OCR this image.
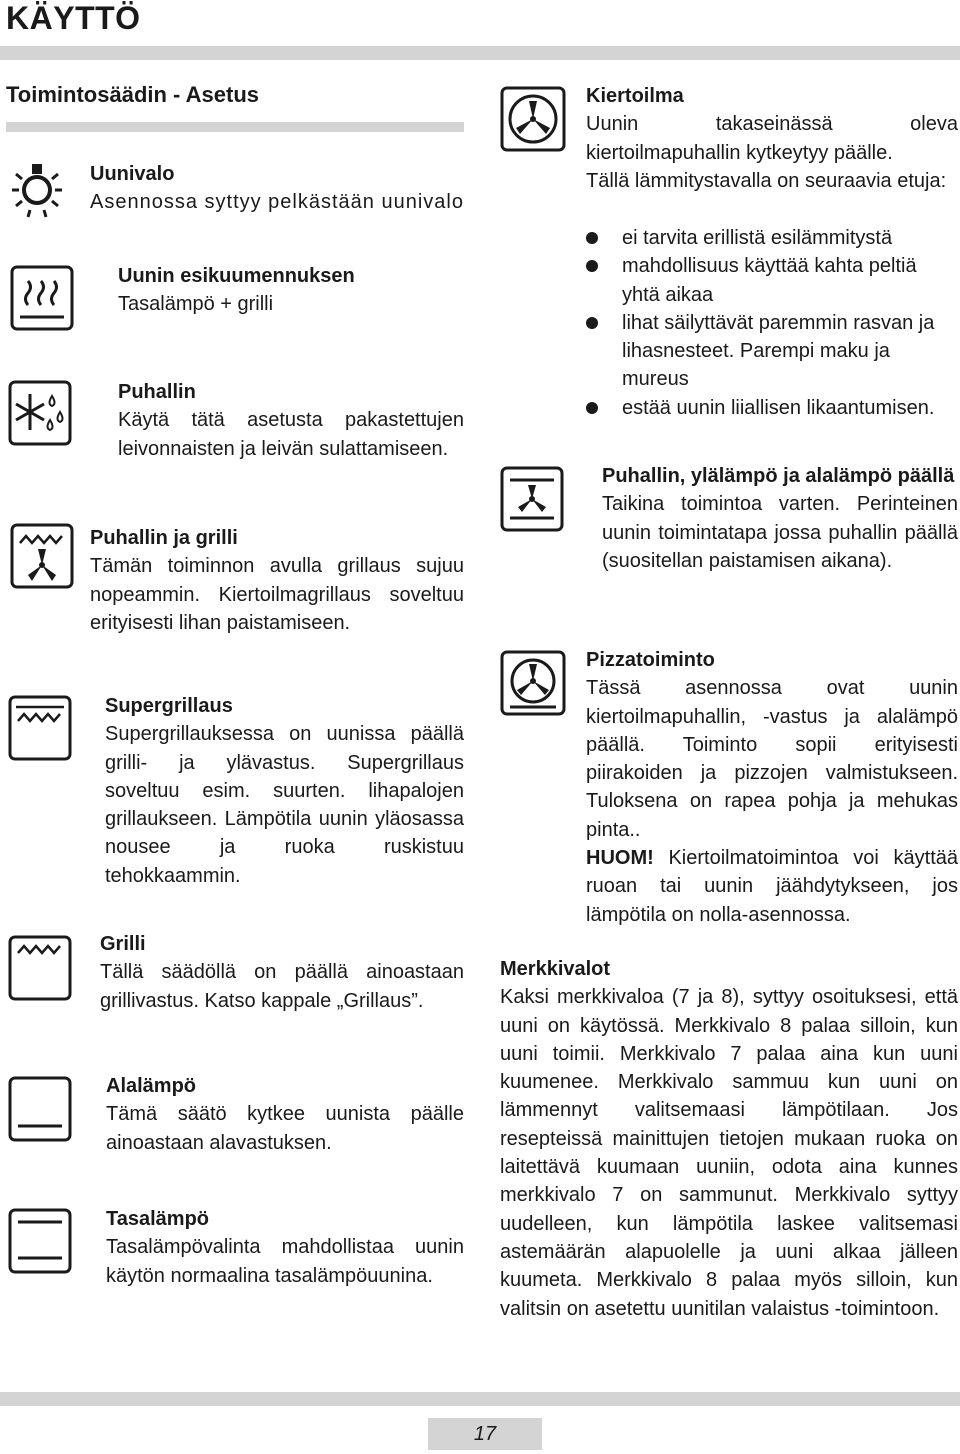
KÄYTTÖ
Toimintosäädin - Asetus
Uunivalo
Asennossa syttyy pelkästään uunivalo
Uunin esikuumennuksen
Tasalämpö + grilli
Puhallin
Käytä tätä asetusta pakastettujen leivonnaisten ja leivän sulattamiseen.
Puhallin ja grilli
Tämän toiminnon avulla grillaus sujuu nopeammin. Kiertoilmagrillaus soveltuu erityisesti lihan paistamiseen.
Supergrillaus
Supergrillauksessa on uunissa päällä grilli- ja ylävastus. Supergrillaus soveltuu esim. suurten. lihapalojen grillaukseen. Lämpötila uunin yläosassa nousee ja ruoka ruskistuu tehokkaammin.
Grilli
Tällä säädöllä on päällä ainoastaan grillivastus. Katso kappale „Grillaus”.
Alalämpö
Tämä säätö kytkee uunista päälle ainoastaan alavastuksen.
Tasalämpö
Tasalämpövalinta mahdollistaa uunin käytön normaalina tasalämpöuunina.
Kiertoilma
Uunin takaseinässä oleva kiertoilmapuhallin kytkeytyy päälle.
Tällä lämmitystavalla on seuraavia etuja:
ei tarvita erillistä esilämmitystä
mahdollisuus käyttää kahta peltiä yhtä aikaa
lihat säilyttävät paremmin rasvan ja lihasnesteet. Parempi maku ja mureus
estää uunin liiallisen likaantumisen.
Puhallin, ylälämpö ja alalämpö päällä
Taikina toimintoa varten. Perinteinen uunin toimintatapa jossa puhallin päällä (suositellan paistamisen aikana).
Pizzatoiminto
Tässä asennossa ovat uunin kiertoilmapuhallin, -vastus ja alalämpö päällä. Toiminto sopii erityisesti piirakoiden ja pizzojen valmistukseen. Tuloksena on rapea pohja ja mehukas pinta..
HUOM! Kiertoilmatoimintoa voi käyttää ruoan tai uunin jäähdytykseen, jos lämpötila on nolla-asennossa.
Merkkivalot
Kaksi merkkivaloa (7 ja 8), syttyy osoituksesi, että uuni on käytössä. Merkkivalo 8 palaa silloin, kun uuni toimii. Merkkivalo 7 palaa aina kun uuni kuumenee. Merkkivalo sammuu kun uuni on lämmennyt valitsemaasi lämpötilaan. Jos resepteissä mainittujen tietojen mukaan ruoka on laitettävä kuumaan uuniin, odota aina kunnes merkkivalo 7 on sammunut. Merkkivalo syttyy uudelleen, kun lämpötila laskee valitsemasi astemäärän alapuolelle ja uuni alkaa jälleen kuumeta. Merkkivalo 8 palaa myös silloin, kun valitsin on asetettu uunitilan valaistus -toimintoon.
17
